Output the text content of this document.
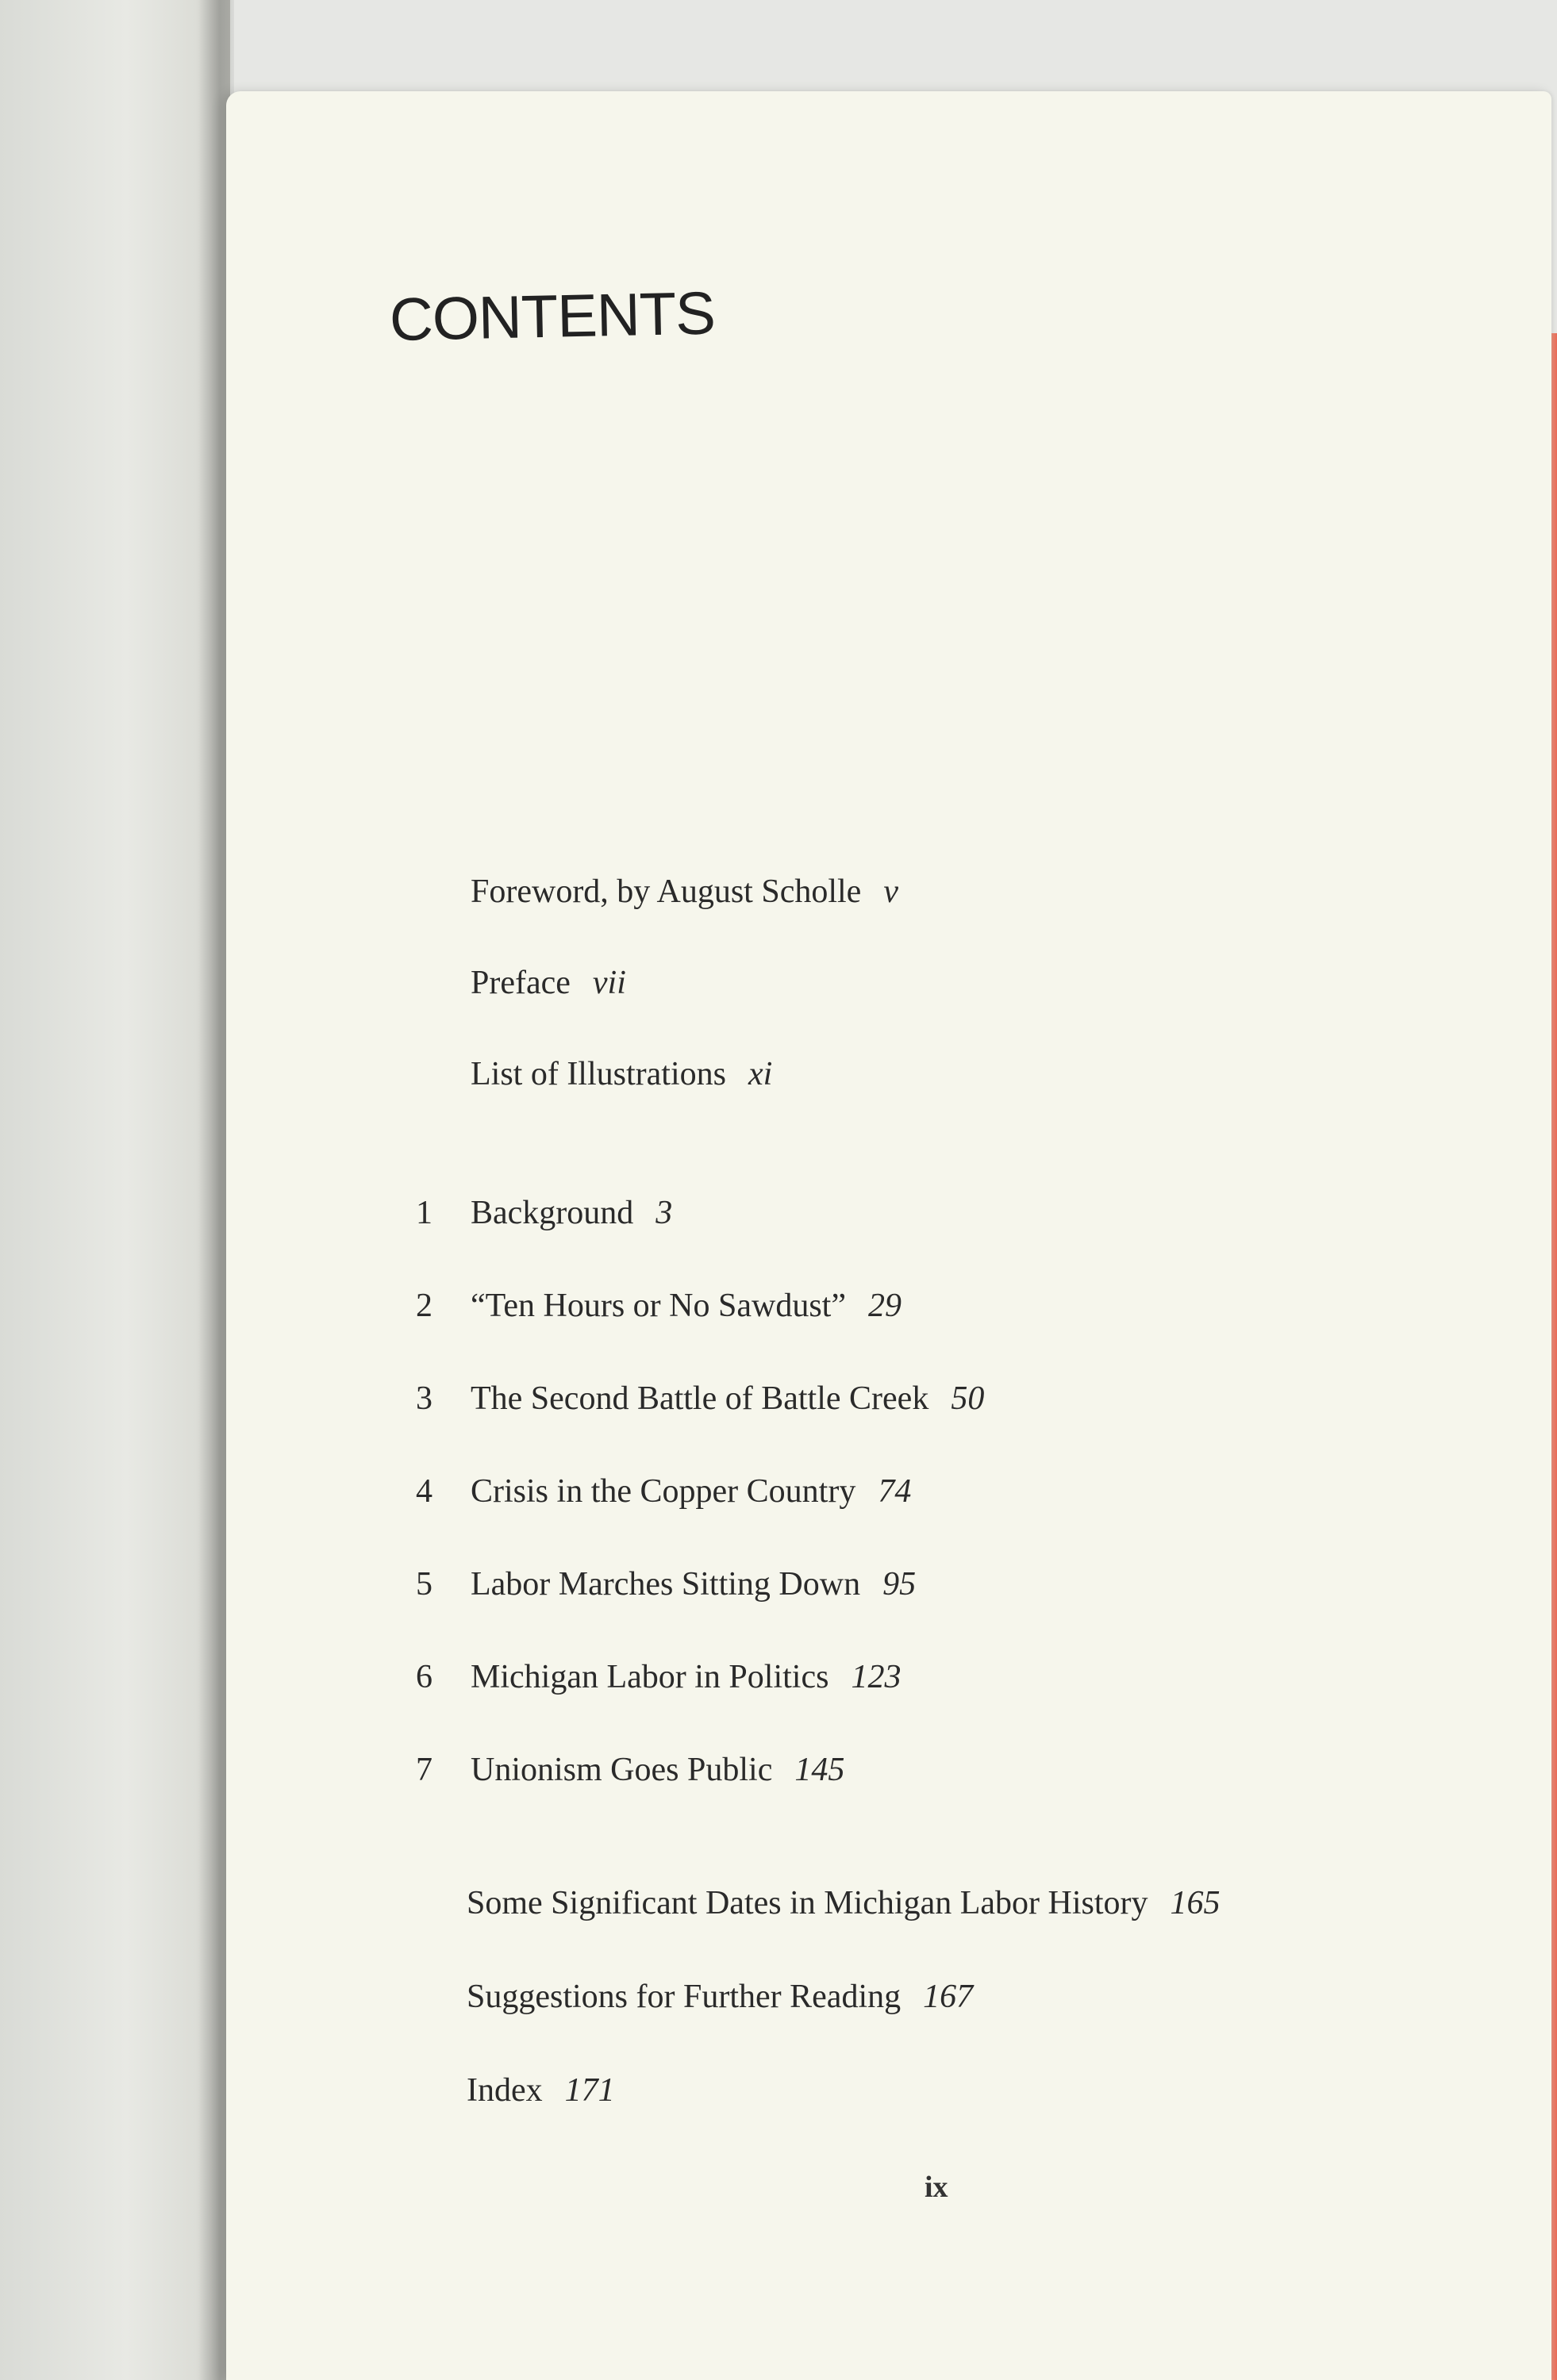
CONTENTS
Foreword, by August Scholle v
Preface vii
List of Illustrations xi
1 Background 3
2 “Ten Hours or No Sawdust” 29
3 The Second Battle of Battle Creek 50
4 Crisis in the Copper Country 74
5 Labor Marches Sitting Down 95
6 Michigan Labor in Politics 123
7 Unionism Goes Public 145
Some Significant Dates in Michigan Labor History 165
Suggestions for Further Reading 167
Index 171
ix
